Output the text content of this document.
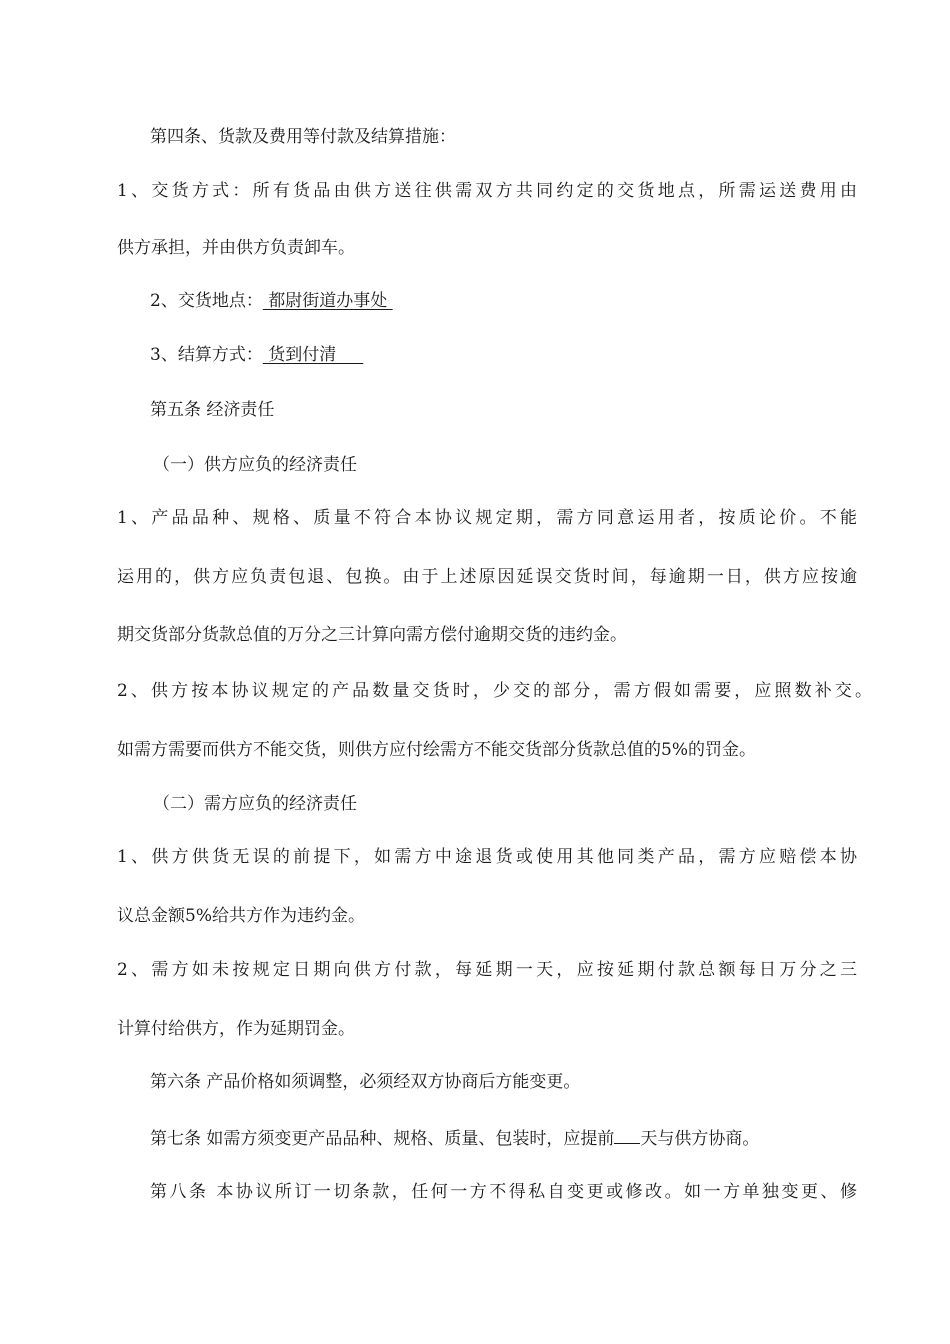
第四条、货款及费用等付款及结算措施：
1、交货方式：所有货品由供方送往供需双方共同约定的交货地点，所需运送费用由
供方承担，并由供方负责卸车。
2、交货地点： 都尉街道办事处
3、结算方式： 货到付清
第五条 经济责任
（一）供方应负的经济责任
1、产品品种、规格、质量不符合本协议规定期，需方同意运用者，按质论价。不能
运用的，供方应负责包退、包换。由于上述原因延误交货时间，每逾期一日，供方应按逾
期交货部分货款总值的万分之三计算向需方偿付逾期交货的违约金。
2、供方按本协议规定的产品数量交货时，少交的部分，需方假如需要，应照数补交。
如需方需要而供方不能交货，则供方应付绘需方不能交货部分货款总值的5%的罚金。
（二）需方应负的经济责任
1、供方供货无误的前提下，如需方中途退货或使用其他同类产品，需方应赔偿本协
议总金额5%给共方作为违约金。
2、需方如未按规定日期向供方付款，每延期一天，应按延期付款总额每日万分之三
计算付给供方，作为延期罚金。
第六条 产品价格如须调整，必须经双方协商后方能变更。
第七条 如需方须变更产品品种、规格、质量、包装时，应提前 天与供方协商。
第八条 本协议所订一切条款，任何一方不得私自变更或修改。如一方单独变更、修
